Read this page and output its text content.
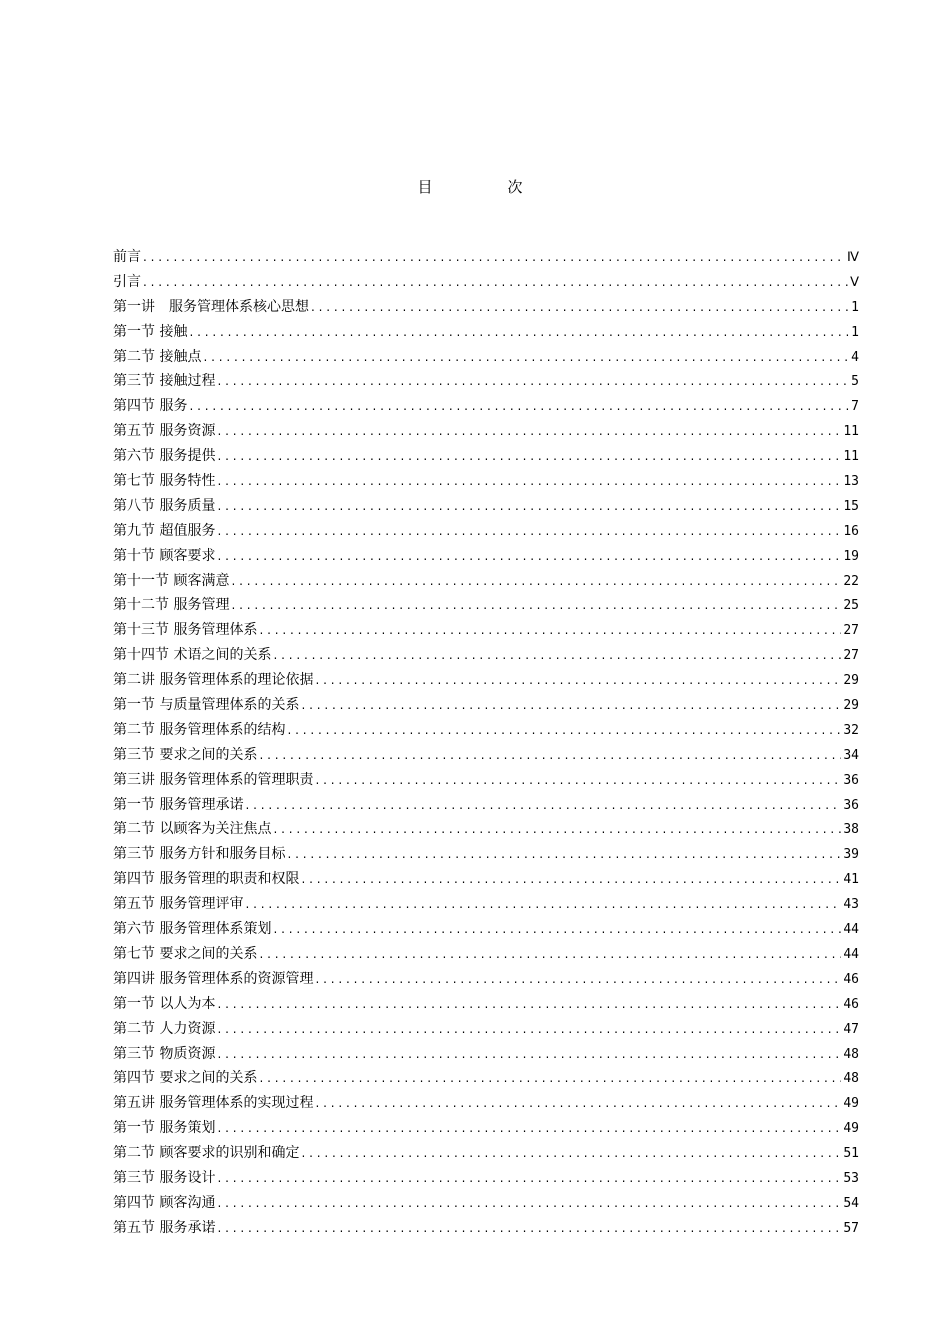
目　次
前言 . . .	Ⅳ
引言 . . .	Ⅴ
第一讲　服务管理体系核心思想 . . .	1
第一节 接触 . . .	1
第二节 接触点 . . .	4
第三节 接触过程 . . .	5
第四节 服务 . . .	7
第五节 服务资源 . . .	11
第六节 服务提供 . . .	11
第七节 服务特性 . . .	13
第八节 服务质量 . . .	15
第九节 超值服务 . . .	16
第十节 顾客要求 . . .	19
第十一节 顾客满意 . . .	22
第十二节 服务管理 . . .	25
第十三节 服务管理体系 . . .	27
第十四节 术语之间的关系 . . .	27
第二讲 服务管理体系的理论依据 . . .	29
第一节 与质量管理体系的关系 . . .	29
第二节 服务管理体系的结构 . . .	32
第三节 要求之间的关系 . . .	34
第三讲 服务管理体系的管理职责 . . .	36
第一节 服务管理承诺 . . .	36
第二节 以顾客为关注焦点 . . .	38
第三节 服务方针和服务目标 . . .	39
第四节 服务管理的职责和权限 . . .	41
第五节 服务管理评审 . . .	43
第六节 服务管理体系策划 . . .	44
第七节 要求之间的关系 . . .	44
第四讲 服务管理体系的资源管理 . . .	46
第一节 以人为本 . . .	46
第二节 人力资源 . . .	47
第三节 物质资源 . . .	48
第四节 要求之间的关系 . . .	48
第五讲 服务管理体系的实现过程 . . .	49
第一节 服务策划 . . .	49
第二节 顾客要求的识别和确定 . . .	51
第三节 服务设计 . . .	53
第四节 顾客沟通 . . .	54
第五节 服务承诺 . . .	57
